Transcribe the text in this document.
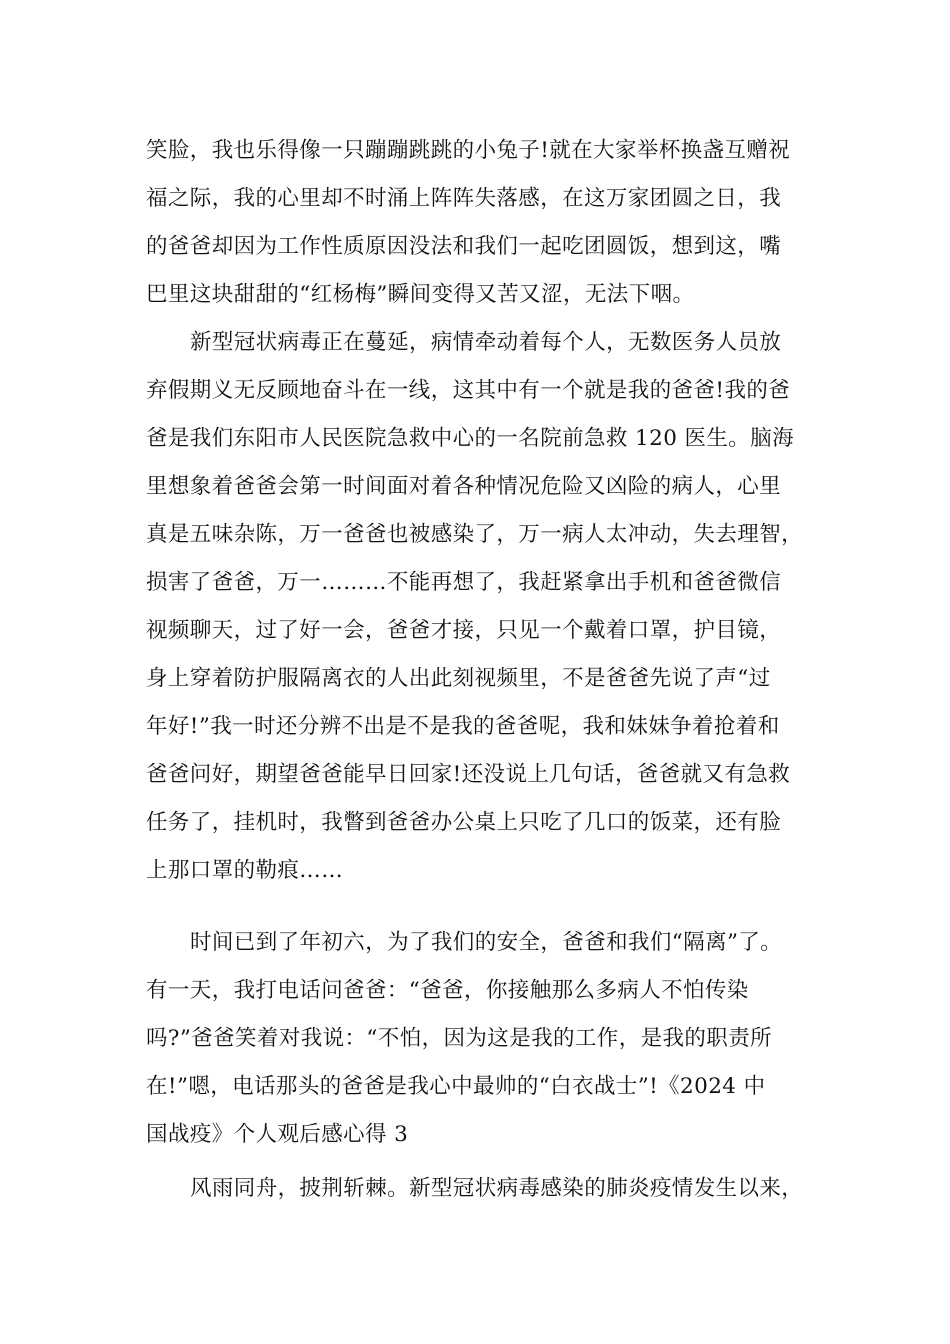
笑脸，我也乐得像一只蹦蹦跳跳的小兔子!就在大家举杯换盏互赠祝
福之际，我的心里却不时涌上阵阵失落感，在这万家团圆之日，我
的爸爸却因为工作性质原因没法和我们一起吃团圆饭，想到这，嘴
巴里这块甜甜的“红杨梅”瞬间变得又苦又涩，无法下咽。
新型冠状病毒正在蔓延，病情牵动着每个人，无数医务人员放
弃假期义无反顾地奋斗在一线，这其中有一个就是我的爸爸!我的爸
爸是我们东阳市人民医院急救中心的一名院前急救 120 医生。脑海
里想象着爸爸会第一时间面对着各种情况危险又凶险的病人，心里
真是五味杂陈，万一爸爸也被感染了，万一病人太冲动，失去理智，
损害了爸爸，万一………不能再想了，我赶紧拿出手机和爸爸微信
视频聊天，过了好一会，爸爸才接，只见一个戴着口罩，护目镜，
身上穿着防护服隔离衣的人出此刻视频里，不是爸爸先说了声“过
年好!”我一时还分辨不出是不是我的爸爸呢，我和妹妹争着抢着和
爸爸问好，期望爸爸能早日回家!还没说上几句话，爸爸就又有急救
任务了，挂机时，我瞥到爸爸办公桌上只吃了几口的饭菜，还有脸
上那口罩的勒痕……
时间已到了年初六，为了我们的安全，爸爸和我们“隔离”了。
有一天，我打电话问爸爸：“爸爸，你接触那么多病人不怕传染
吗?”爸爸笑着对我说：“不怕，因为这是我的工作，是我的职责所
在!”嗯，电话那头的爸爸是我心中最帅的“白衣战士”!《2024 中
国战疫》个人观后感心得 3
风雨同舟，披荆斩棘。新型冠状病毒感染的肺炎疫情发生以来，
